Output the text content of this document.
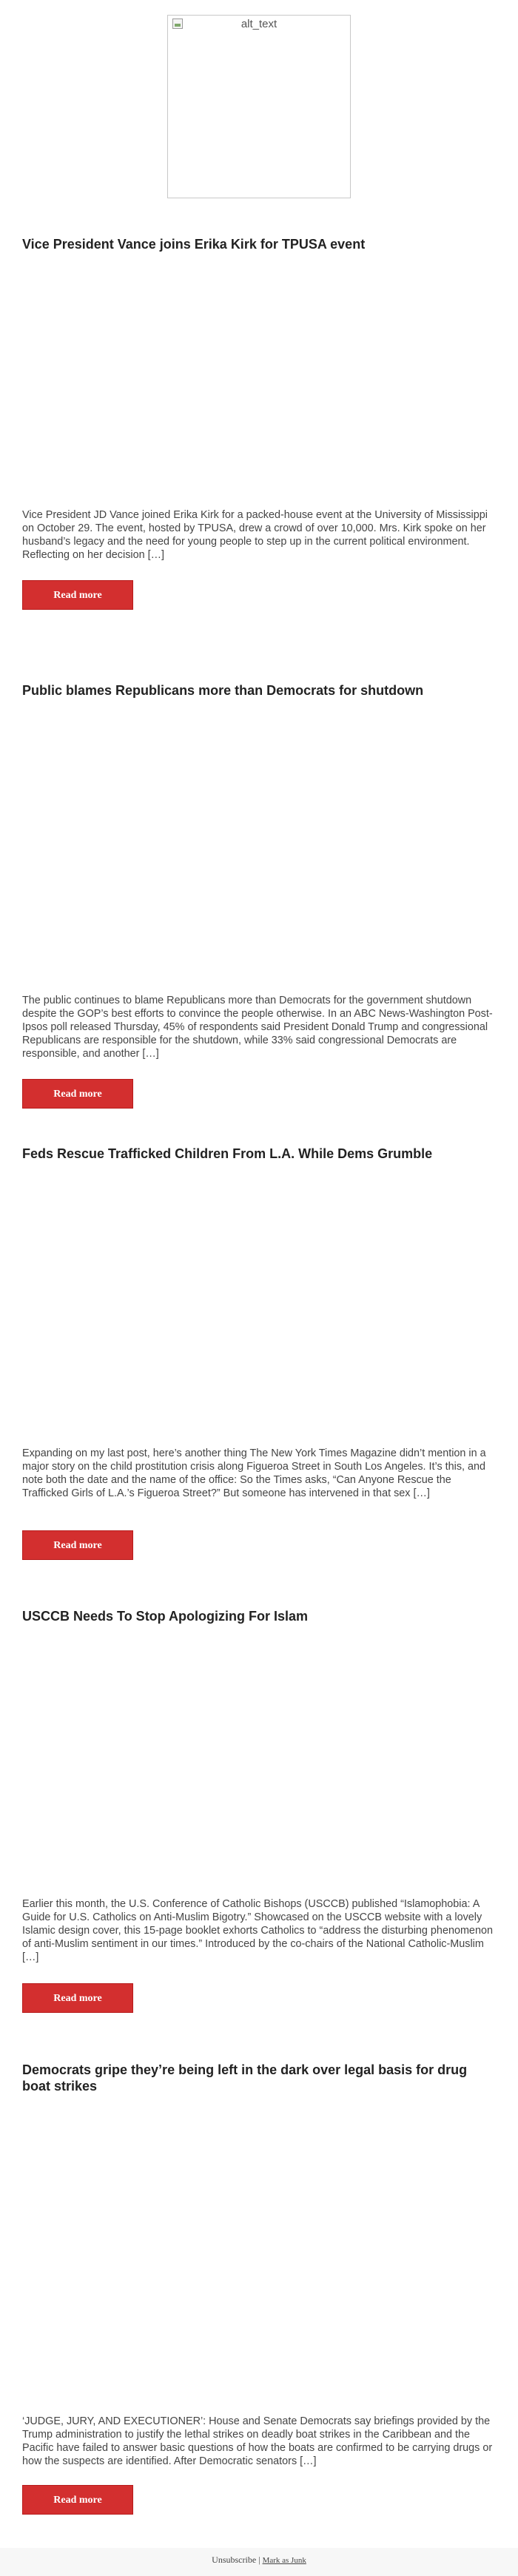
alt_text
Vice President Vance joins Erika Kirk for TPUSA event

Vice President JD Vance joined Erika Kirk for a packed-house event at the University of Mississippi on October 29. The event, hosted by TPUSA, drew a crowd of over 10,000. Mrs. Kirk spoke on her husband’s legacy and the need for young people to step up in the current political environment. Reflecting on her decision […]

Read more
Public blames Republicans more than Democrats for shutdown

The public continues to blame Republicans more than Democrats for the government shutdown despite the GOP’s best efforts to convince the people otherwise. In an ABC News-Washington Post-Ipsos poll released Thursday, 45% of respondents said President Donald Trump and congressional Republicans are responsible for the shutdown, while 33% said congressional Democrats are responsible, and another […]

Read more
Feds Rescue Trafficked Children From L.A. While Dems Grumble

Expanding on my last post, here’s another thing The New York Times Magazine didn’t mention in a major story on the child prostitution crisis along Figueroa Street in South Los Angeles. It’s this, and note both the date and the name of the office: So the Times asks, “Can Anyone Rescue the Trafficked Girls of L.A.’s Figueroa Street?” But someone has intervened in that sex […]

Read more
USCCB Needs To Stop Apologizing For Islam

Earlier this month, the U.S. Conference of Catholic Bishops (USCCB) published “Islamophobia: A Guide for U.S. Catholics on Anti-Muslim Bigotry.” Showcased on the USCCB website with a lovely Islamic design cover, this 15-page booklet exhorts Catholics to “address the disturbing phenomenon of anti-Muslim sentiment in our times.” Introduced by the co-chairs of the National Catholic-Muslim […]

Read more
Democrats gripe they’re being left in the dark over legal basis for drug boat strikes

‘JUDGE, JURY, AND EXECUTIONER’: House and Senate Democrats say briefings provided by the Trump administration to justify the lethal strikes on deadly boat strikes in the Caribbean and the Pacific have failed to answer basic questions of how the boats are confirmed to be carrying drugs or how the suspects are identified. After Democratic senators […]

Read more
Unsubscribe | Mark as Junk
